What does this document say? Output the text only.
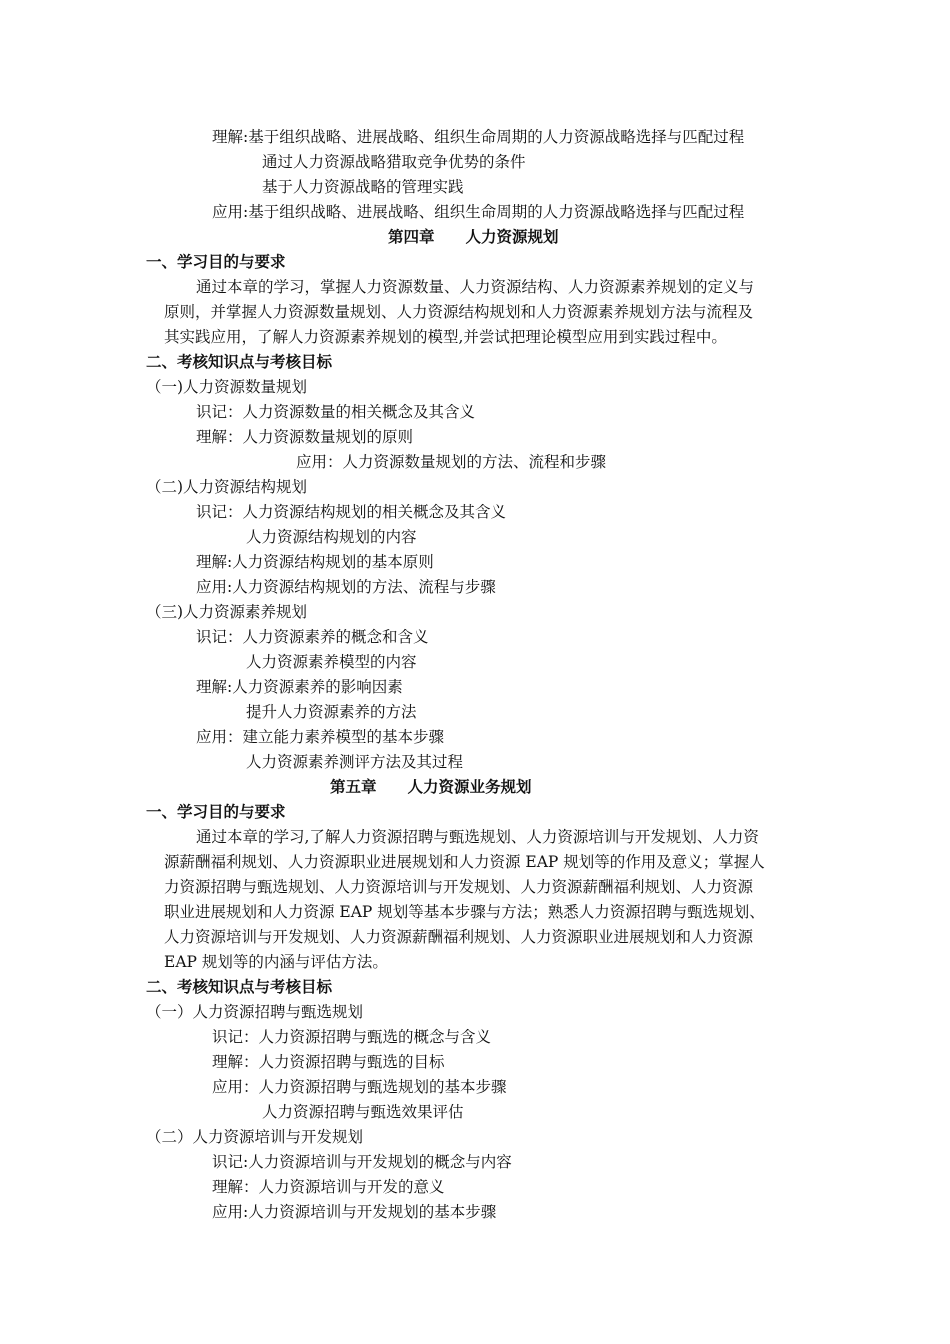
理解:基于组织战略、进展战略、组织生命周期的人力资源战略选择与匹配过程
通过人力资源战略猎取竞争优势的条件
基于人力资源战略的管理实践
应用:基于组织战略、进展战略、组织生命周期的人力资源战略选择与匹配过程
第四章　　人力资源规划
一、学习目的与要求
通过本章的学习，掌握人力资源数量、人力资源结构、人力资源素养规划的定义与
原则，并掌握人力资源数量规划、人力资源结构规划和人力资源素养规划方法与流程及
其实践应用，了解人力资源素养规划的模型,并尝试把理论模型应用到实践过程中。
二、考核知识点与考核目标
（一)人力资源数量规划
识记：人力资源数量的相关概念及其含义
理解：人力资源数量规划的原则
应用：人力资源数量规划的方法、流程和步骤
（二)人力资源结构规划
识记：人力资源结构规划的相关概念及其含义
人力资源结构规划的内容
理解:人力资源结构规划的基本原则
应用:人力资源结构规划的方法、流程与步骤
（三)人力资源素养规划
识记：人力资源素养的概念和含义
人力资源素养模型的内容
理解:人力资源素养的影响因素
提升人力资源素养的方法
应用：建立能力素养模型的基本步骤
人力资源素养测评方法及其过程
第五章　　人力资源业务规划
一、学习目的与要求
通过本章的学习,了解人力资源招聘与甄选规划、人力资源培训与开发规划、人力资
源薪酬福利规划、人力资源职业进展规划和人力资源 EAP 规划等的作用及意义；掌握人
力资源招聘与甄选规划、人力资源培训与开发规划、人力资源薪酬福利规划、人力资源
职业进展规划和人力资源 EAP 规划等基本步骤与方法；熟悉人力资源招聘与甄选规划、
人力资源培训与开发规划、人力资源薪酬福利规划、人力资源职业进展规划和人力资源
EAP 规划等的内涵与评估方法。
二、考核知识点与考核目标
（一）人力资源招聘与甄选规划
识记：人力资源招聘与甄选的概念与含义
理解：人力资源招聘与甄选的目标
应用：人力资源招聘与甄选规划的基本步骤
人力资源招聘与甄选效果评估
（二）人力资源培训与开发规划
识记:人力资源培训与开发规划的概念与内容
理解：人力资源培训与开发的意义
应用:人力资源培训与开发规划的基本步骤
